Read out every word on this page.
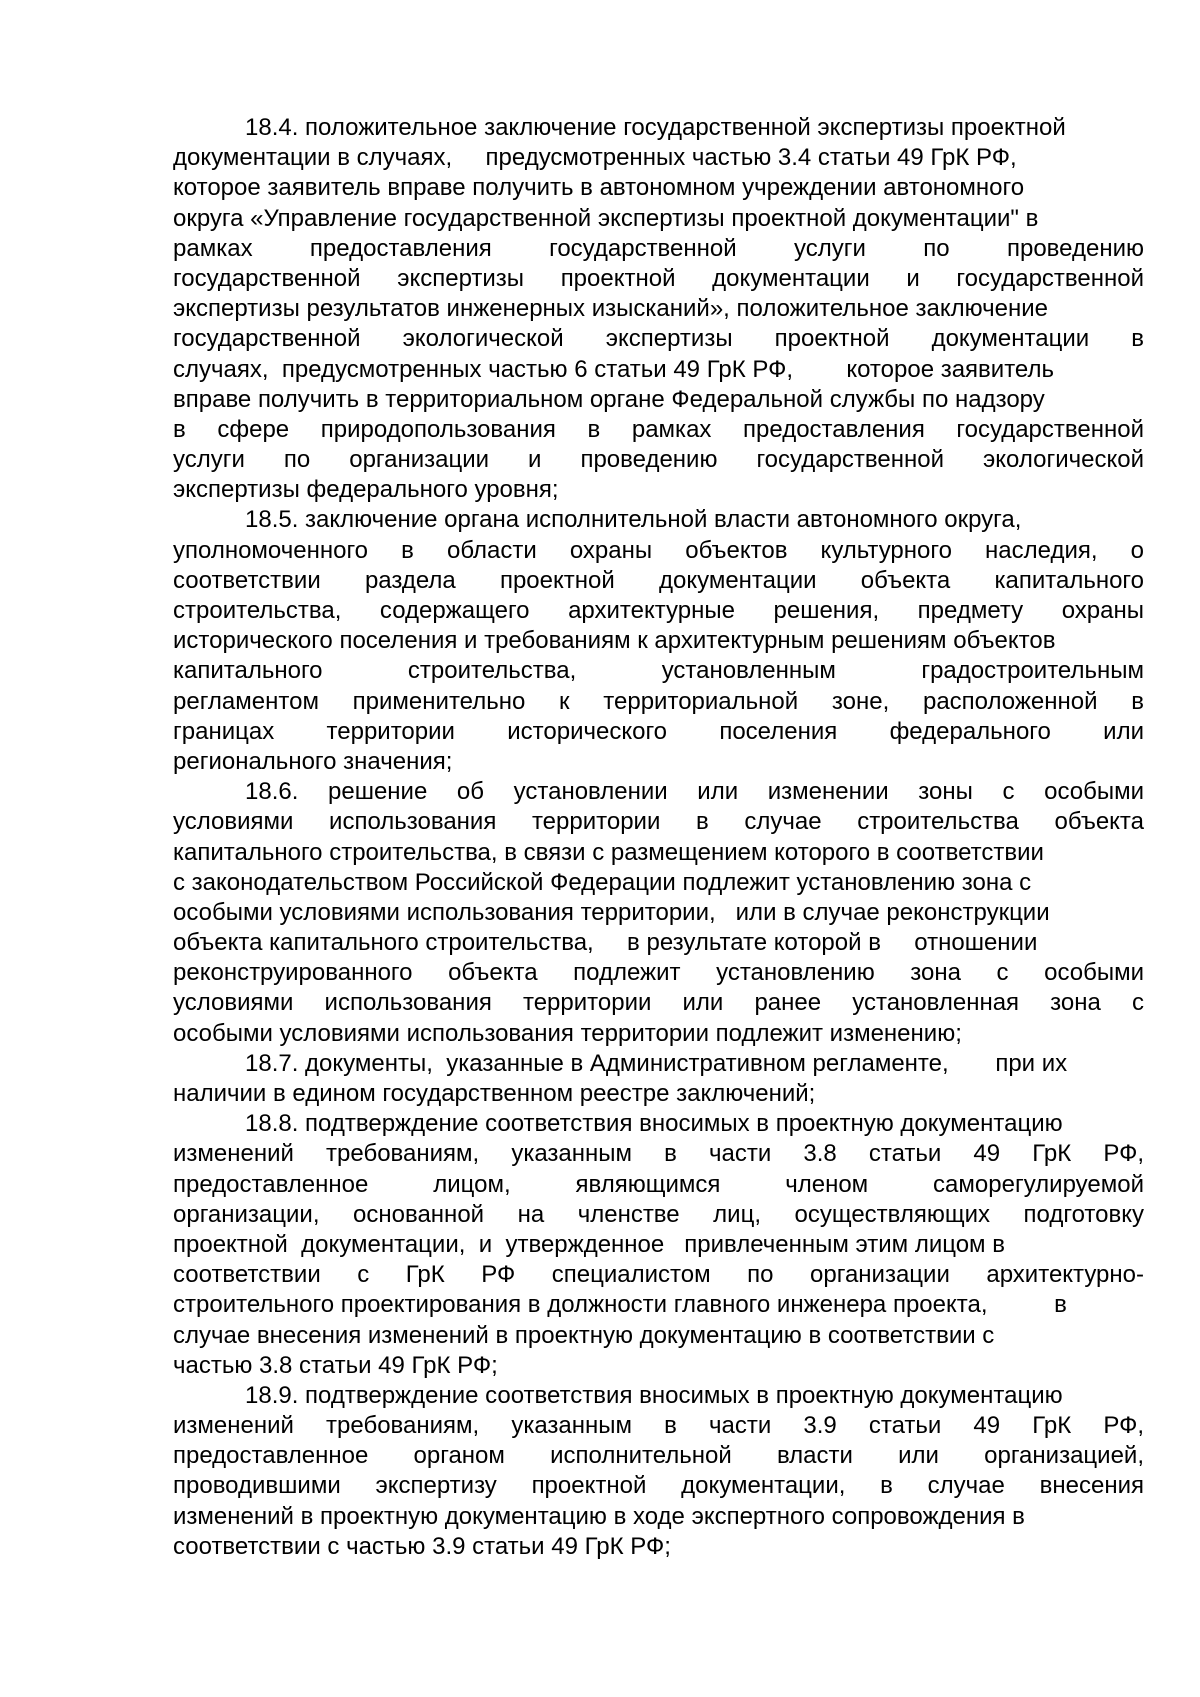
18.4. положительное заключение государственной экспертизы проектной
документации в случаях,     предусмотренных частью 3.4 статьи 49 ГрК РФ,
которое заявитель вправе получить в автономном учреждении автономного
округа «Управление государственной экспертизы проектной документации" в
рамках предоставления государственной услуги по проведению
государственной экспертизы проектной документации и государственной
экспертизы результатов инженерных изысканий», положительное заключение
государственной экологической экспертизы проектной документации в
случаях,  предусмотренных частью 6 статьи 49 ГрК РФ,        которое заявитель
вправе получить в территориальном органе Федеральной службы по надзору
в сфере природопользования в рамках предоставления государственной
услуги по организации и проведению государственной экологической
экспертизы федерального уровня;
18.5. заключение органа исполнительной власти автономного округа,
уполномоченного в области охраны объектов культурного наследия, о
соответствии раздела проектной документации объекта капитального
строительства, содержащего архитектурные решения, предмету охраны
исторического поселения и требованиям к архитектурным решениям объектов
капитального строительства, установленным градостроительным
регламентом применительно к территориальной зоне, расположенной в
границах территории исторического поселения федерального или
регионального значения;
18.6. решение об установлении или изменении зоны с особыми
условиями использования территории в случае строительства объекта
капитального строительства, в связи с размещением которого в соответствии
с законодательством Российской Федерации подлежит установлению зона с
особыми условиями использования территории,   или в случае реконструкции
объекта капитального строительства,     в результате которой в     отношении
реконструированного объекта подлежит установлению зона с особыми
условиями использования территории или ранее установленная зона с
особыми условиями использования территории подлежит изменению;
18.7. документы,  указанные в Административном регламенте,       при их
наличии в едином государственном реестре заключений;
18.8. подтверждение соответствия вносимых в проектную документацию
изменений требованиям, указанным в части 3.8 статьи 49 ГрК РФ,
предоставленное лицом, являющимся членом саморегулируемой
организации, основанной на членстве лиц, осуществляющих подготовку
проектной  документации,  и  утвержденное   привлеченным этим лицом в
соответствии с ГрК РФ специалистом по организации архитектурно-
строительного проектирования в должности главного инженера проекта,          в
случае внесения изменений в проектную документацию в соответствии с
частью 3.8 статьи 49 ГрК РФ;
18.9. подтверждение соответствия вносимых в проектную документацию
изменений требованиям, указанным в части 3.9 статьи 49 ГрК РФ,
предоставленное органом исполнительной власти или организацией,
проводившими экспертизу проектной документации, в случае внесения
изменений в проектную документацию в ходе экспертного сопровождения в
соответствии с частью 3.9 статьи 49 ГрК РФ;
